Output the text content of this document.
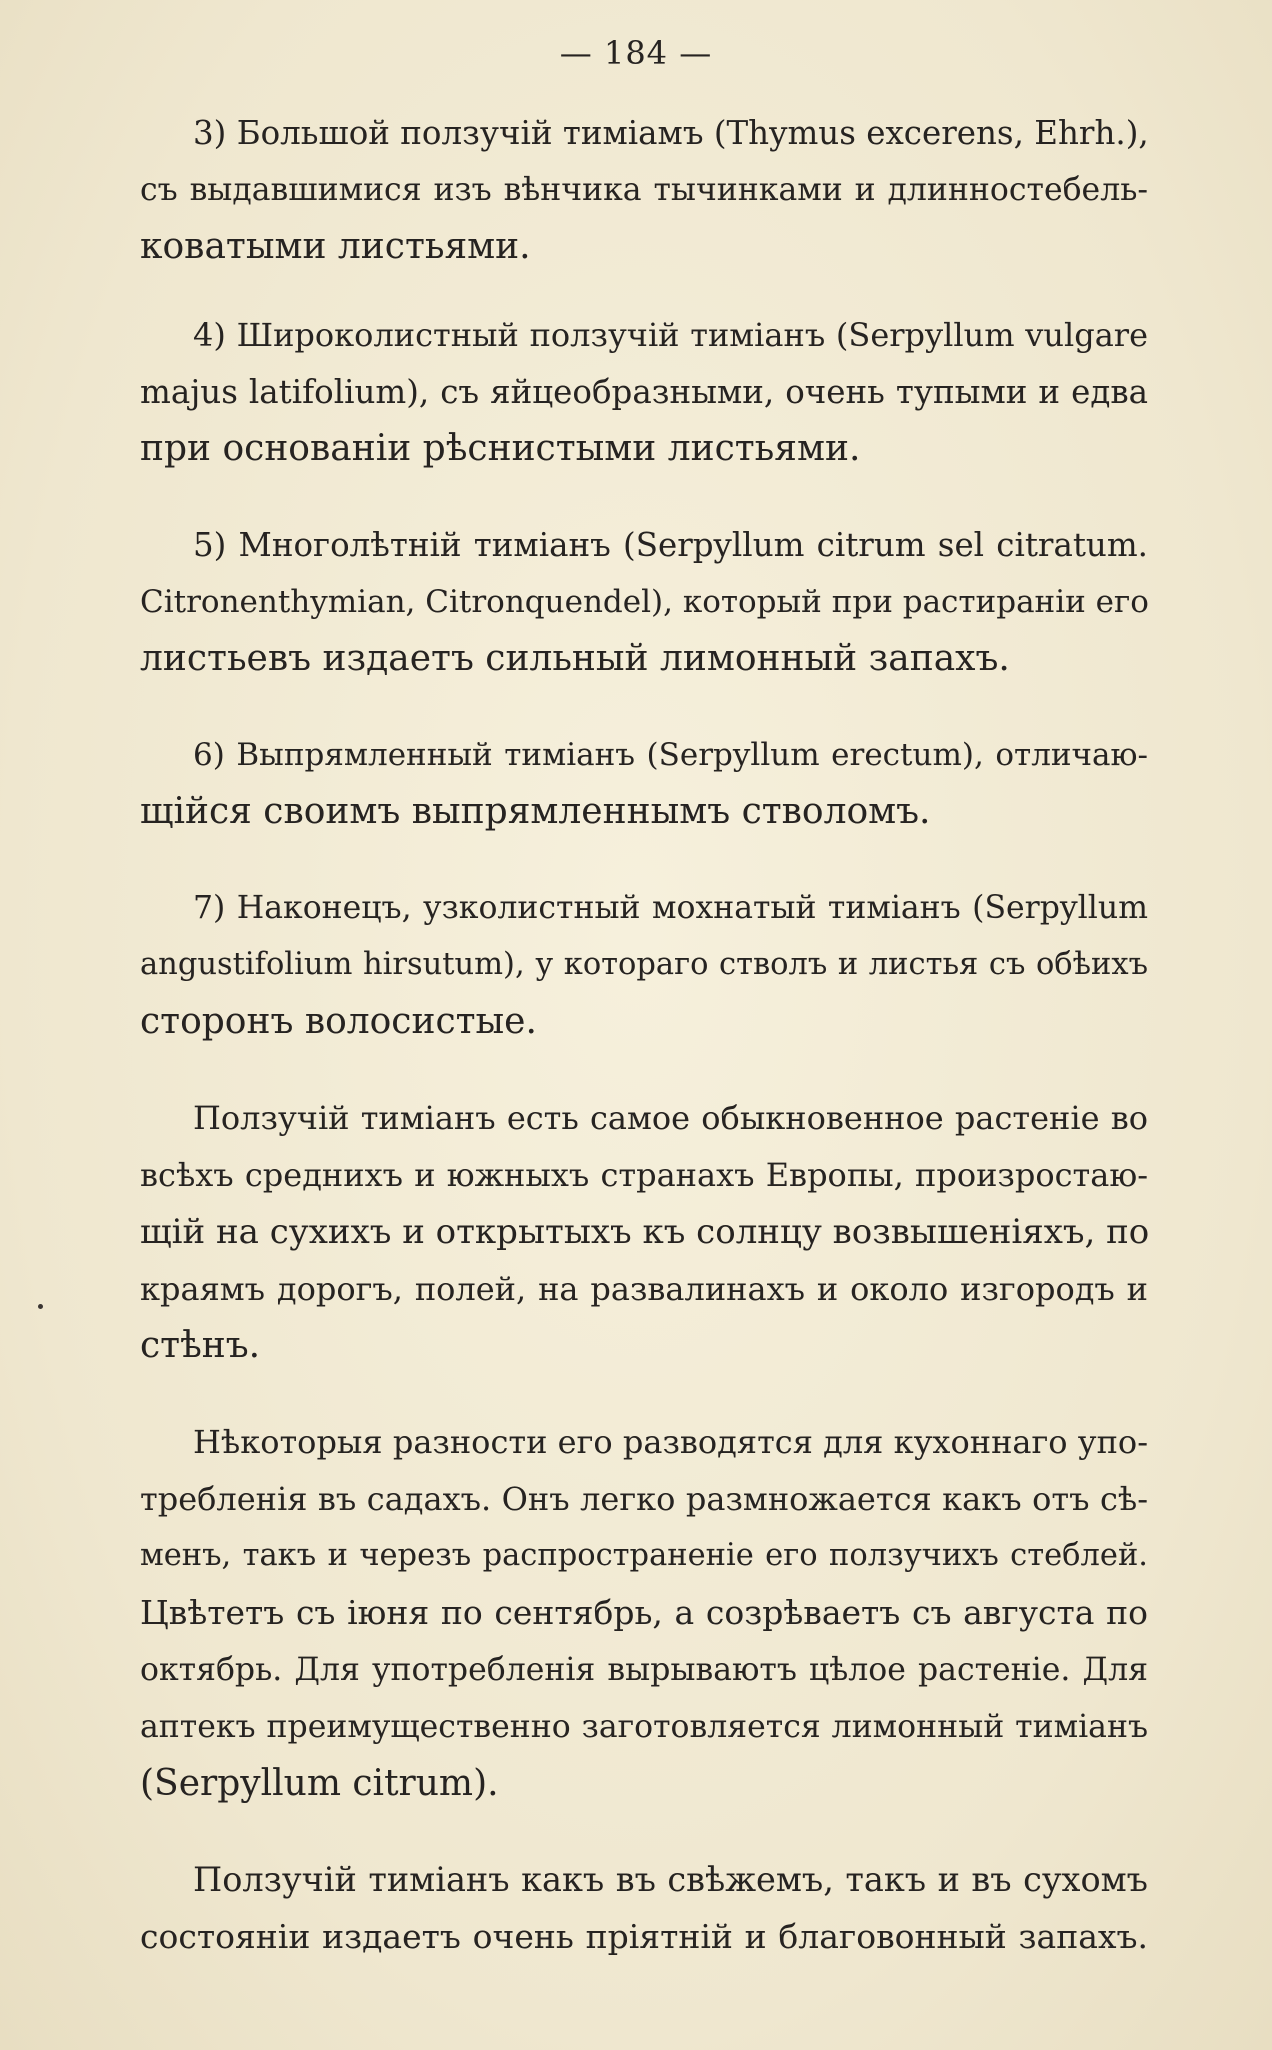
— 184 —
3) Большой ползучій тиміамъ (Thymus excerens, Ehrh.),
съ выдавшимися изъ вѣнчика тычинками и длинностебель-
коватыми листьями.
4) Широколистный ползучій тиміанъ (Serpyllum vulgare
majus latifolium), съ яйцеобразными, очень тупыми и едва
при основаніи рѣснистыми листьями.
5) Многолѣтній тиміанъ (Serpyllum citrum sel citratum.
Citronenthymian, Citronquendel), который при растираніи его
листьевъ издаетъ сильный лимонный запахъ.
6) Выпрямленный тиміанъ (Serpyllum erectum), отличаю-
щійся своимъ выпрямленнымъ стволомъ.
7) Наконецъ, узколистный мохнатый тиміанъ (Serpyllum
angustifolium hirsutum), у котораго стволъ и листья съ обѣихъ
сторонъ волосистые.
Ползучій тиміанъ есть самое обыкновенное растеніе во
всѣхъ среднихъ и южныхъ странахъ Европы, произростаю-
щій на сухихъ и открытыхъ къ солнцу возвышеніяхъ, по
краямъ дорогъ, полей, на развалинахъ и около изгородъ и
стѣнъ.
Нѣкоторыя разности его разводятся для кухоннаго упо-
требленія въ садахъ. Онъ легко размножается какъ отъ сѣ-
менъ, такъ и черезъ распространеніе его ползучихъ стеблей.
Цвѣтетъ съ іюня по сентябрь, а созрѣваетъ съ августа по
октябрь. Для употребленія вырываютъ цѣлое растеніе. Для
аптекъ преимущественно заготовляется лимонный тиміанъ
(Serpyllum citrum).
Ползучій тиміанъ какъ въ свѣжемъ, такъ и въ сухомъ
состояніи издаетъ очень пріятній и благовонный запахъ.
